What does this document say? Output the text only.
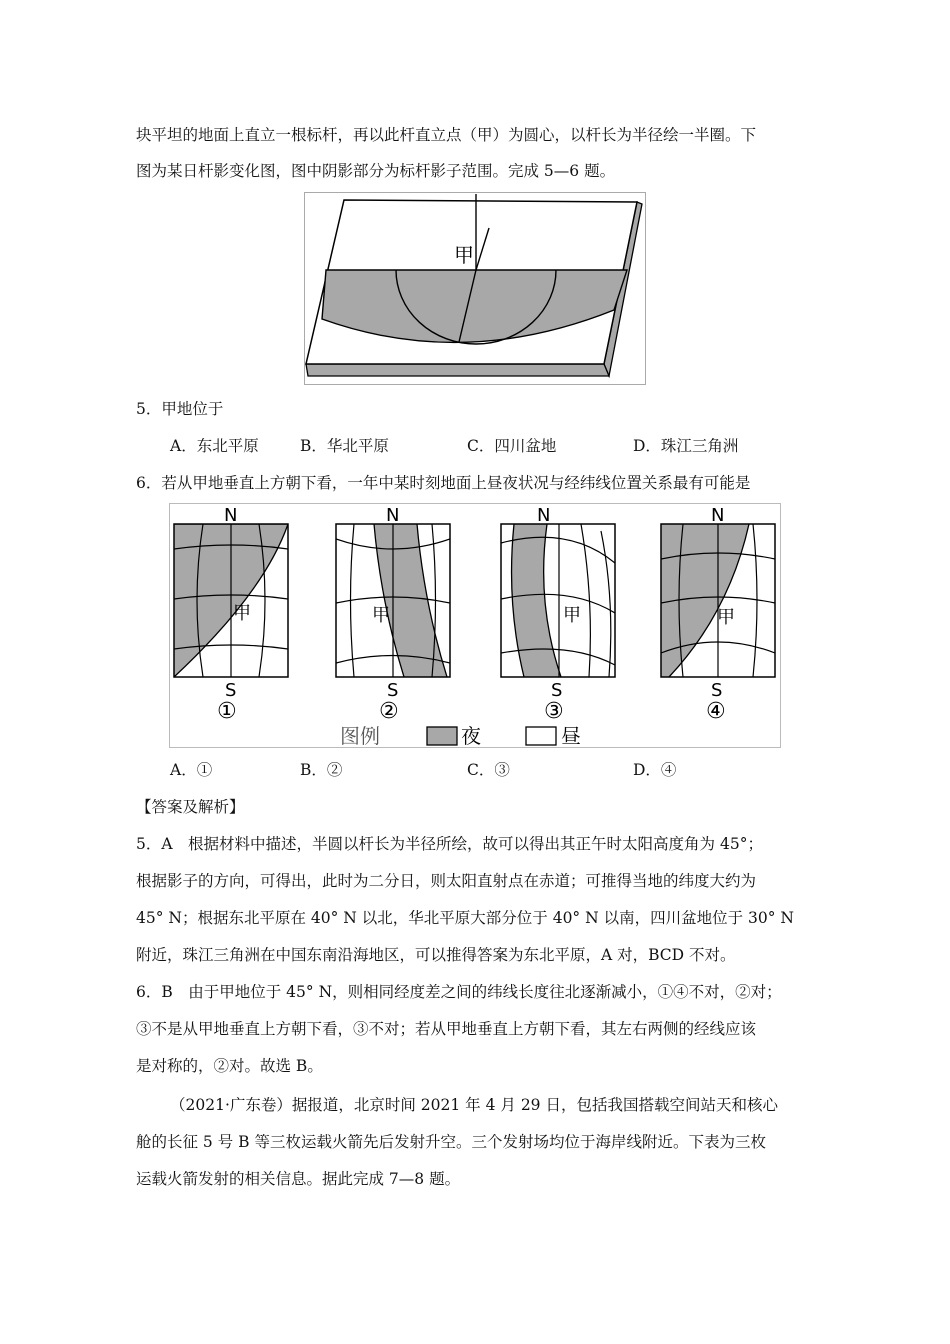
块平坦的地面上直立一根标杆，再以此杆直立点（甲）为圆心，以杆长为半径绘一半圈。下
图为某日杆影变化图，图中阴影部分为标杆影子范围。完成 5—6 题。
甲
5．甲地位于
A．东北平原	B．华北平原	C．四川盆地	D．珠江三角洲
6．若从甲地垂直上方朝下看，一年中某时刻地面上昼夜状况与经纬线位置关系最有可能是
N
甲
S
①
N
甲
S
②
N
甲
S
③
N
甲
S
④
图例	夜	昼
A．①	B．②	C．③	D．④
【答案及解析】
5．A　根据材料中描述，半圆以杆长为半径所绘，故可以得出其正午时太阳高度角为 45°；
根据影子的方向，可得出，此时为二分日，则太阳直射点在赤道；可推得当地的纬度大约为
45° N；根据东北平原在 40° N 以北，华北平原大部分位于 40° N 以南，四川盆地位于 30° N
附近，珠江三角洲在中国东南沿海地区，可以推得答案为东北平原，A 对，BCD 不对。
6．B　由于甲地位于 45° N，则相同经度差之间的纬线长度往北逐渐减小，①④不对，②对；
③不是从甲地垂直上方朝下看，③不对；若从甲地垂直上方朝下看，其左右两侧的经线应该
是对称的，②对。故选 B。
（2021·广东卷）据报道，北京时间 2021 年 4 月 29 日，包括我国搭载空间站天和核心
舱的长征 5 号 B 等三枚运载火箭先后发射升空。三个发射场均位于海岸线附近。下表为三枚
运载火箭发射的相关信息。据此完成 7—8 题。
